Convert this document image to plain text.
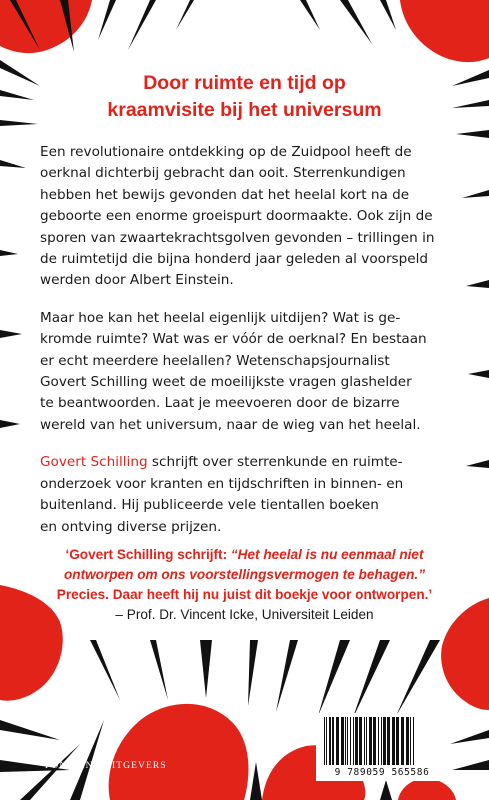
Door ruimte en tijd op
kraamvisite bij het universum

Een revolutionaire ontdekking op de Zuidpool heeft de
oerknal dichterbij gebracht dan ooit. Sterrenkundigen
hebben het bewijs gevonden dat het heelal kort na de
geboorte een enorme groeispurt doormaakte. Ook zijn de
sporen van zwaartekrachtsgolven gevonden – trillingen in
de ruimtetijd die bijna honderd jaar geleden al voorspeld
werden door Albert Einstein.

Maar hoe kan het heelal eigenlijk uitdijen? Wat is ge-
kromde ruimte? Wat was er vóór de oerknal? En bestaan
er echt meerdere heelallen? Wetenschapsjournalist
Govert Schilling weet de moeilijkste vragen glashelder
te beantwoorden. Laat je meevoeren door de bizarre
wereld van het universum, naar de wieg van het heelal.

Govert Schilling schrijft over sterrenkunde en ruimte-
onderzoek voor kranten en tijdschriften in binnen- en
buitenland. Hij publiceerde vele tientallen boeken
en ontving diverse prijzen.

‘Govert Schilling schrijft: “Het heelal is nu eenmaal niet
ontworpen om ons voorstellingsvermogen te behagen.”
Precies. Daar heeft hij nu juist dit boekje voor ontworpen.’
– Prof. Dr. Vincent Icke, Universiteit Leiden
FONTAINE UITGEVERS
9 789059 565586
